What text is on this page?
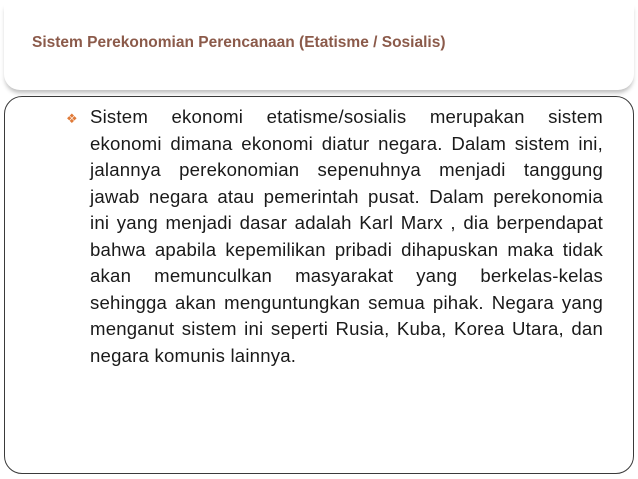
Sistem Perekonomian Perencanaan (Etatisme / Sosialis)
❖ Sistem ekonomi etatisme/sosialis merupakan sistem ekonomi dimana ekonomi diatur negara. Dalam sistem ini, jalannya perekonomian sepenuhnya menjadi tanggung jawab negara atau pemerintah pusat. Dalam perekonomia ini yang menjadi dasar adalah Karl Marx , dia berpendapat bahwa apabila kepemilikan pribadi dihapuskan maka tidak akan memunculkan masyarakat yang berkelas-kelas sehingga akan menguntungkan semua pihak. Negara yang menganut sistem ini seperti Rusia, Kuba, Korea Utara, dan negara komunis lainnya.
